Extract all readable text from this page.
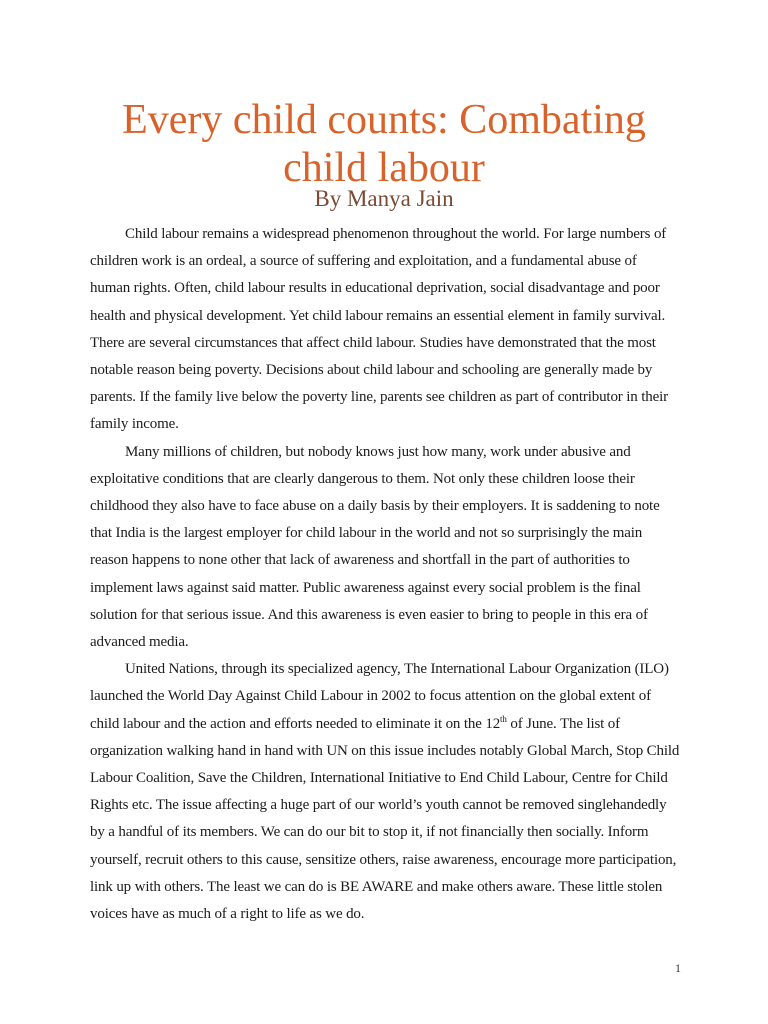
Every child counts: Combating
child labour
By Manya Jain

Child labour remains a widespread phenomenon throughout the world. For large numbers of children work is an ordeal, a source of suffering and exploitation, and a fundamental abuse of human rights. Often, child labour results in educational deprivation, social disadvantage and poor health and physical development. Yet child labour remains an essential element in family survival. There are several circumstances that affect child labour. Studies have demonstrated that the most notable reason being poverty. Decisions about child labour and schooling are generally made by parents. If the family live below the poverty line, parents see children as part of contributor in their family income.

Many millions of children, but nobody knows just how many, work under abusive and exploitative conditions that are clearly dangerous to them. Not only these children loose their childhood they also have to face abuse on a daily basis by their employers. It is saddening to note that India is the largest employer for child labour in the world and not so surprisingly the main reason happens to none other that lack of awareness and shortfall in the part of authorities to implement laws against said matter. Public awareness against every social problem is the final solution for that serious issue. And this awareness is even easier to bring to people in this era of advanced media.

United Nations, through its specialized agency, The International Labour Organization (ILO) launched the World Day Against Child Labour in 2002 to focus attention on the global extent of child labour and the action and efforts needed to eliminate it on the 12th of June. The list of organization walking hand in hand with UN on this issue includes notably Global March, Stop Child Labour Coalition, Save the Children, International Initiative to End Child Labour, Centre for Child Rights etc. The issue affecting a huge part of our world’s youth cannot be removed singlehandedly by a handful of its members. We can do our bit to stop it, if not financially then socially. Inform yourself, recruit others to this cause, sensitize others, raise awareness, encourage more participation, link up with others. The least we can do is BE AWARE and make others aware. These little stolen voices have as much of a right to life as we do.

1
